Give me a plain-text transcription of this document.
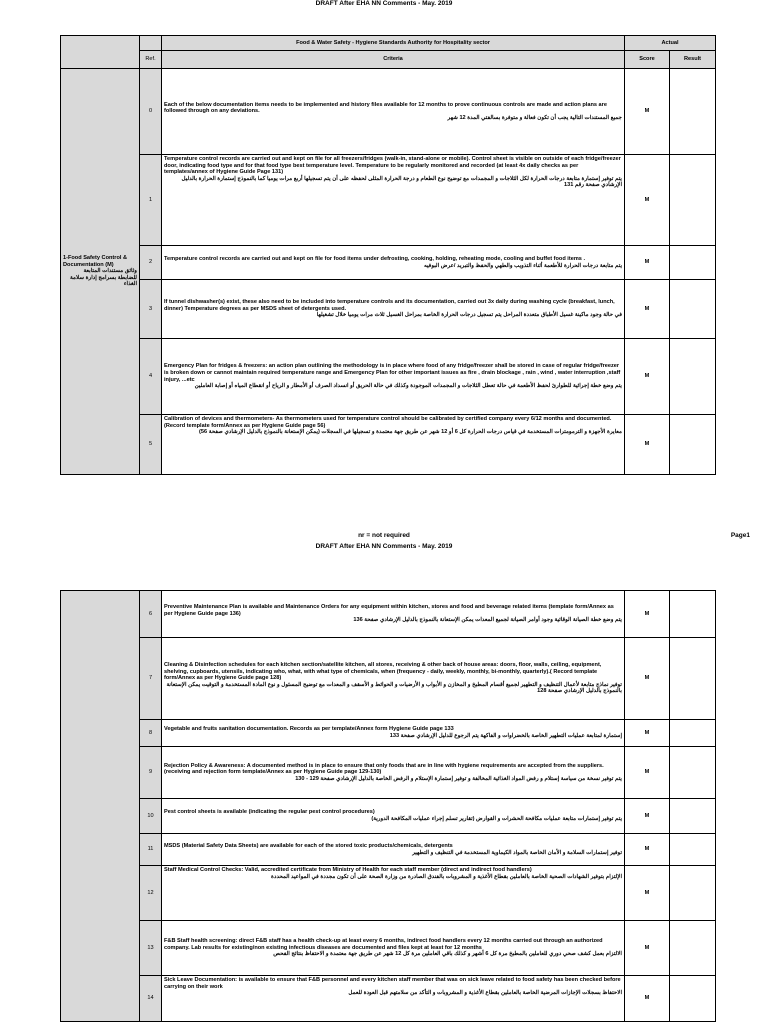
DRAFT After EHA NN Comments - May. 2019
		Food & Water Safety - Hygiene Standards Authority for Hospitality sector	Actual	
	Ref.	Criteria	Score	Result
1-Food Safety Control & Documentation (M)
وثائق مستندات المتابعة للضابطة بسرامج إدارة سلامة الغذاء	0	Each of the below documentation items needs to be implemented and history files available for 12 months to prove continuous controls are made and action plans are followed through on any deviations.
جميع المستندات التالية يجب أن تكون فعالة و متوفرة بسالفتي المدة 12 شهر	M	
	1	Temperature control records are carried out and kept on file for all freezers/fridges (walk-in, stand-alone or mobile). Control sheet is visible on outside of each fridge/freezer door, indicating food type and for that food type best temperature level. Temperature to be regularly monitored and recorded (at least 4x daily checks as per templates/annex of Hygiene Guide Page 131)
يتم توفير إستمارة متابعة درجات الحرارة لكل الثلاجات و المجمدات مع توضيح نوع الطعام و درجة الحرارة المثلى لحفظه على أن يتم تسجيلها أربع مرات يوميا كما بالنموذج إستمارة الحرارة بالدليل الإرشادي صفحة رقم 131	M	
	2	Temperature control records are carried out and kept on file for food items under defrosting, cooking, holding, reheating mode, cooling and buffet food items .
يتم متابعة درجات الحرارة للأطعمة أثناء التذويب والطهي والحفظ والتبريد /عرض البوفيه	M	
	3	If tunnel dishwasher(s) exist, these also need to be included into temperature controls and its documentation, carried out 3x daily during washing cycle (breakfast, lunch, dinner) Temperature degrees as per MSDS sheet of detergents used.
في حالة وجود ماكينة غسيل الأطباق متعددة المراحل يتم تسجيل درجات الحرارة الخاصة بمراحل الغسيل ثلاث مرات يوميا خلال تشغيلها	M	
	4	Emergency Plan for fridges & freezers: an action plan outlining the methodology is in place where food of any fridge/freezer shall be stored in case of regular fridge/freezer is broken down or cannot maintain required temperature range and Emergency Plan for other important issues as fire , drain blockage , rain , wind , water interruption ,staff injury, ...etc
يتم وضع خطة إجرائية للطوارئ لحفظ الأطعمة في حالة تعطل الثلاجات و المجمدات الموجودة وكذلك في حالة الحريق أو انسداد الصرف أو الأمطار و الرياح أو انقطاع المياه أو إصابة العاملين	M	
	5	Calibration of devices and thermometers- As thermometers used for temperature control should be calibrated by certified company every 6/12 months and documented. (Record template form/Annex as per Hygiene Guide page 56)
معايرة الأجهزة و الترمومترات المستخدمة في قياس درجات الحرارة كل 6 أو 12 شهر عن طريق جهة معتمدة و تسجيلها في السجلات (يمكن الإستعانة بالنموذج بالدليل الإرشادي صفحة 56)	M	
nr = not required	Page1
DRAFT After EHA NN Comments - May. 2019
	6	Preventive Maintenance Plan is available and Maintenance Orders for any equipment within kitchen, stores and food and beverage related items (template form/Annex as per Hygiene Guide page 136)
يتم وضع خطة الصيانة الوقائية وجود أوامر الصيانة لجميع المعدات يمكن الإستعانة بالنموذج بالدليل الإرشادي صفحة 136	M	
	7	Cleaning & Disinfection schedules for each kitchen section/satellite kitchen, all stores, receiving & other back of house areas: doors, floor, walls, ceiling, equipment, shelving, cupboards, utensils, indicating who, what, with what type of chemicals, when (frequency - daily, weekly, monthly, bi-monthly, quarterly).( Record template form/Annex as per Hygiene Guide page 128)
توفير نماذج متابعة لأعمال التنظيف و التطهير لجميع أقسام المطبخ و المخازن و الأبواب و الأرضيات و الحوائط و الأسقف و المعدات مع توضيح المسئول و نوع المادة المستخدمة و التوقيت يمكن الإستعانة بالنموذج بالدليل الإرشادي صفحة 128	M	
	8	Vegetable and fruits sanitation documentation. Records as per template/Annex form Hygiene Guide page 133
إستمارة لمتابعة عمليات التطهير الخاصة بالخضراوات و الفاكهة يتم الرجوع للدليل الإرشادي صفحة 133	M	
	9	Rejection Policy & Awareness: A documented method is in place to ensure that only foods that are in line with hygiene requirements are accepted from the suppliers. (receiving and rejection form template/Annex as per Hygiene Guide page 129-130)
يتم توفير نسخة من سياسة إستلام و رفض المواد الغذائية المخالفة و توفير إستمارة الإستلام و الرفض الخاصة بالدليل الإرشادي صفحة 129 - 130	M	
	10	Pest control sheets is available (indicating the regular pest control procedures)
يتم توفير إستمارات متابعة عمليات مكافحة الحشرات و القوارض (تقارير تسلم إجراء عمليات المكافحة الدورية)	M	
	11	MSDS (Material Safety Data Sheets) are available for each of the stored toxic products/chemicals, detergents
توفير إستمارات السلامة و الأمان الخاصة بالمواد الكيماوية المستخدمة في التنظيف و التطهير	M	
	12	Staff Medical Control Checks: Valid, accredited certificate from Ministry of Health for each staff member (direct and indirect food handlers)
الإلتزام بتوفير الشهادات الصحية الخاصة بالعاملين بقطاع الأغذية و المشروبات بالفندق الصادرة من وزارة الصحة على أن تكون مجددة في المواعيد المحددة	M	
	13	F&B Staff health screening: direct F&B staff has a health check-up at least every 6 months, indirect food handlers every 12 months carried out through an authorized company. Lab results for existing/non existing infectious diseases are documented and files kept at least for 12 months
الالتزام بعمل كشف صحي دوري للعاملين بالمطبخ مرة كل 6 أشهر و كذلك باقي العاملين مرة كل 12 شهر عن طريق جهة معتمدة و الاحتفاظ بنتائج الفحص	M	
	14	Sick Leave Documentation: is available to ensure that F&B personnel and every kitchen staff member that was on sick leave related to food safety has been checked before carrying on their work
الاحتفاظ بسجلات الإجازات المرضية الخاصة بالعاملين بقطاع الأغذية و المشروبات و التأكد من سلامتهم قبل العودة للعمل	M	
